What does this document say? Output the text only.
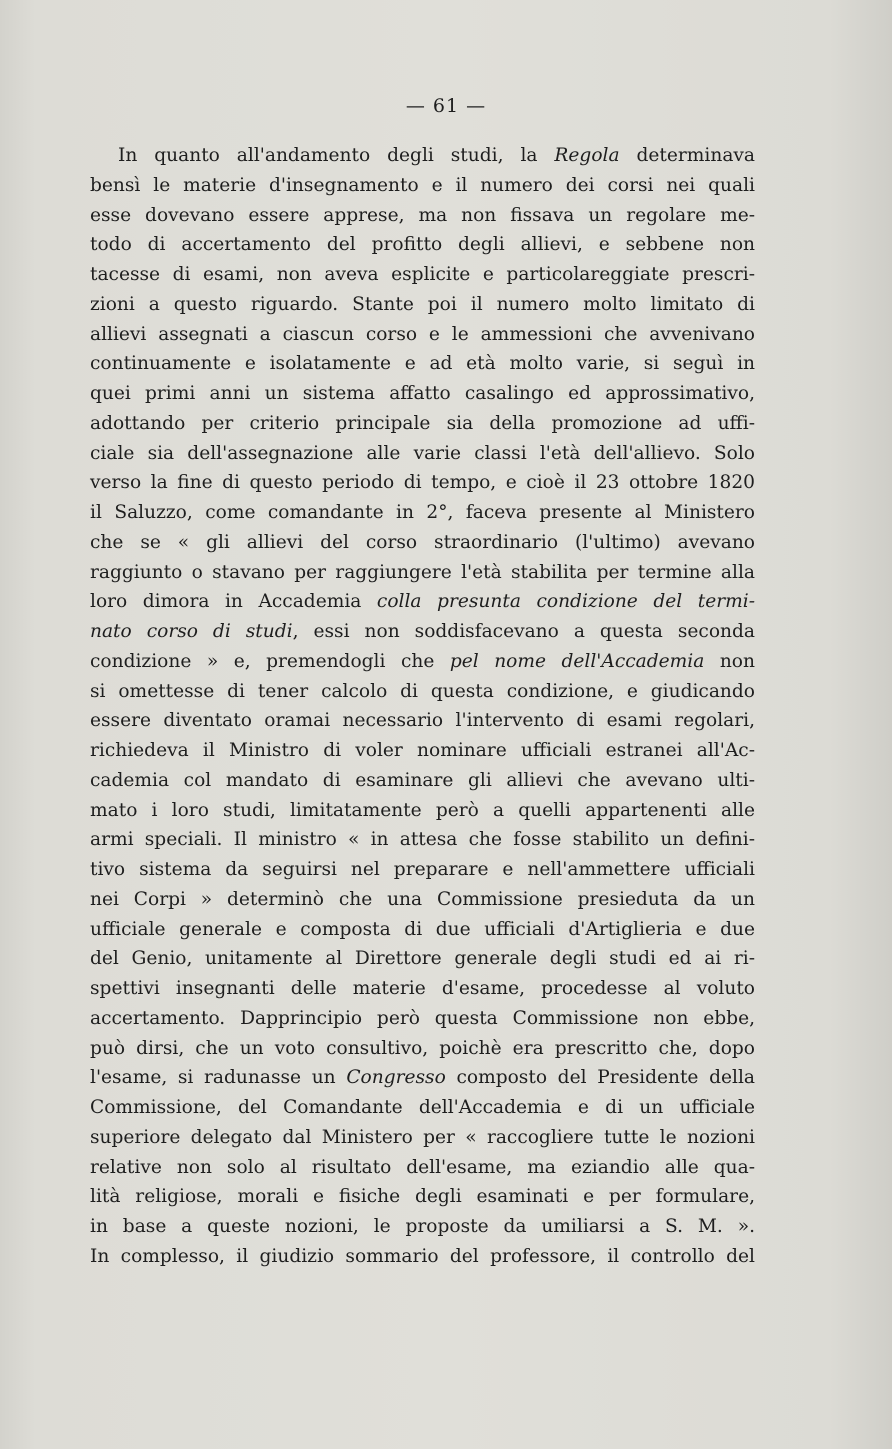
— 61 —
In quanto all'andamento degli studi, la Regola determinava
bensì le materie d'insegnamento e il numero dei corsi nei quali
esse dovevano essere apprese, ma non fissava un regolare me-
todo di accertamento del profitto degli allievi, e sebbene non
tacesse di esami, non aveva esplicite e particolareggiate prescri-
zioni a questo riguardo. Stante poi il numero molto limitato di
allievi assegnati a ciascun corso e le ammessioni che avvenivano
continuamente e isolatamente e ad età molto varie, si seguì in
quei primi anni un sistema affatto casalingo ed approssimativo,
adottando per criterio principale sia della promozione ad uffi-
ciale sia dell'assegnazione alle varie classi l'età dell'allievo. Solo
verso la fine di questo periodo di tempo, e cioè il 23 ottobre 1820
il Saluzzo, come comandante in 2°, faceva presente al Ministero
che se « gli allievi del corso straordinario (l'ultimo) avevano
raggiunto o stavano per raggiungere l'età stabilita per termine alla
loro dimora in Accademia colla presunta condizione del termi-
nato corso di studi, essi non soddisfacevano a questa seconda
condizione » e, premendogli che pel nome dell'Accademia non
si omettesse di tener calcolo di questa condizione, e giudicando
essere diventato oramai necessario l'intervento di esami regolari,
richiedeva il Ministro di voler nominare ufficiali estranei all'Ac-
cademia col mandato di esaminare gli allievi che avevano ulti-
mato i loro studi, limitatamente però a quelli appartenenti alle
armi speciali. Il ministro « in attesa che fosse stabilito un defini-
tivo sistema da seguirsi nel preparare e nell'ammettere ufficiali
nei Corpi » determinò che una Commissione presieduta da un
ufficiale generale e composta di due ufficiali d'Artiglieria e due
del Genio, unitamente al Direttore generale degli studi ed ai ri-
spettivi insegnanti delle materie d'esame, procedesse al voluto
accertamento. Dapprincipio però questa Commissione non ebbe,
può dirsi, che un voto consultivo, poichè era prescritto che, dopo
l'esame, si radunasse un Congresso composto del Presidente della
Commissione, del Comandante dell'Accademia e di un ufficiale
superiore delegato dal Ministero per « raccogliere tutte le nozioni
relative non solo al risultato dell'esame, ma eziandio alle qua-
lità religiose, morali e fisiche degli esaminati e per formulare,
in base a queste nozioni, le proposte da umiliarsi a S. M. ».
In complesso, il giudizio sommario del professore, il controllo del
